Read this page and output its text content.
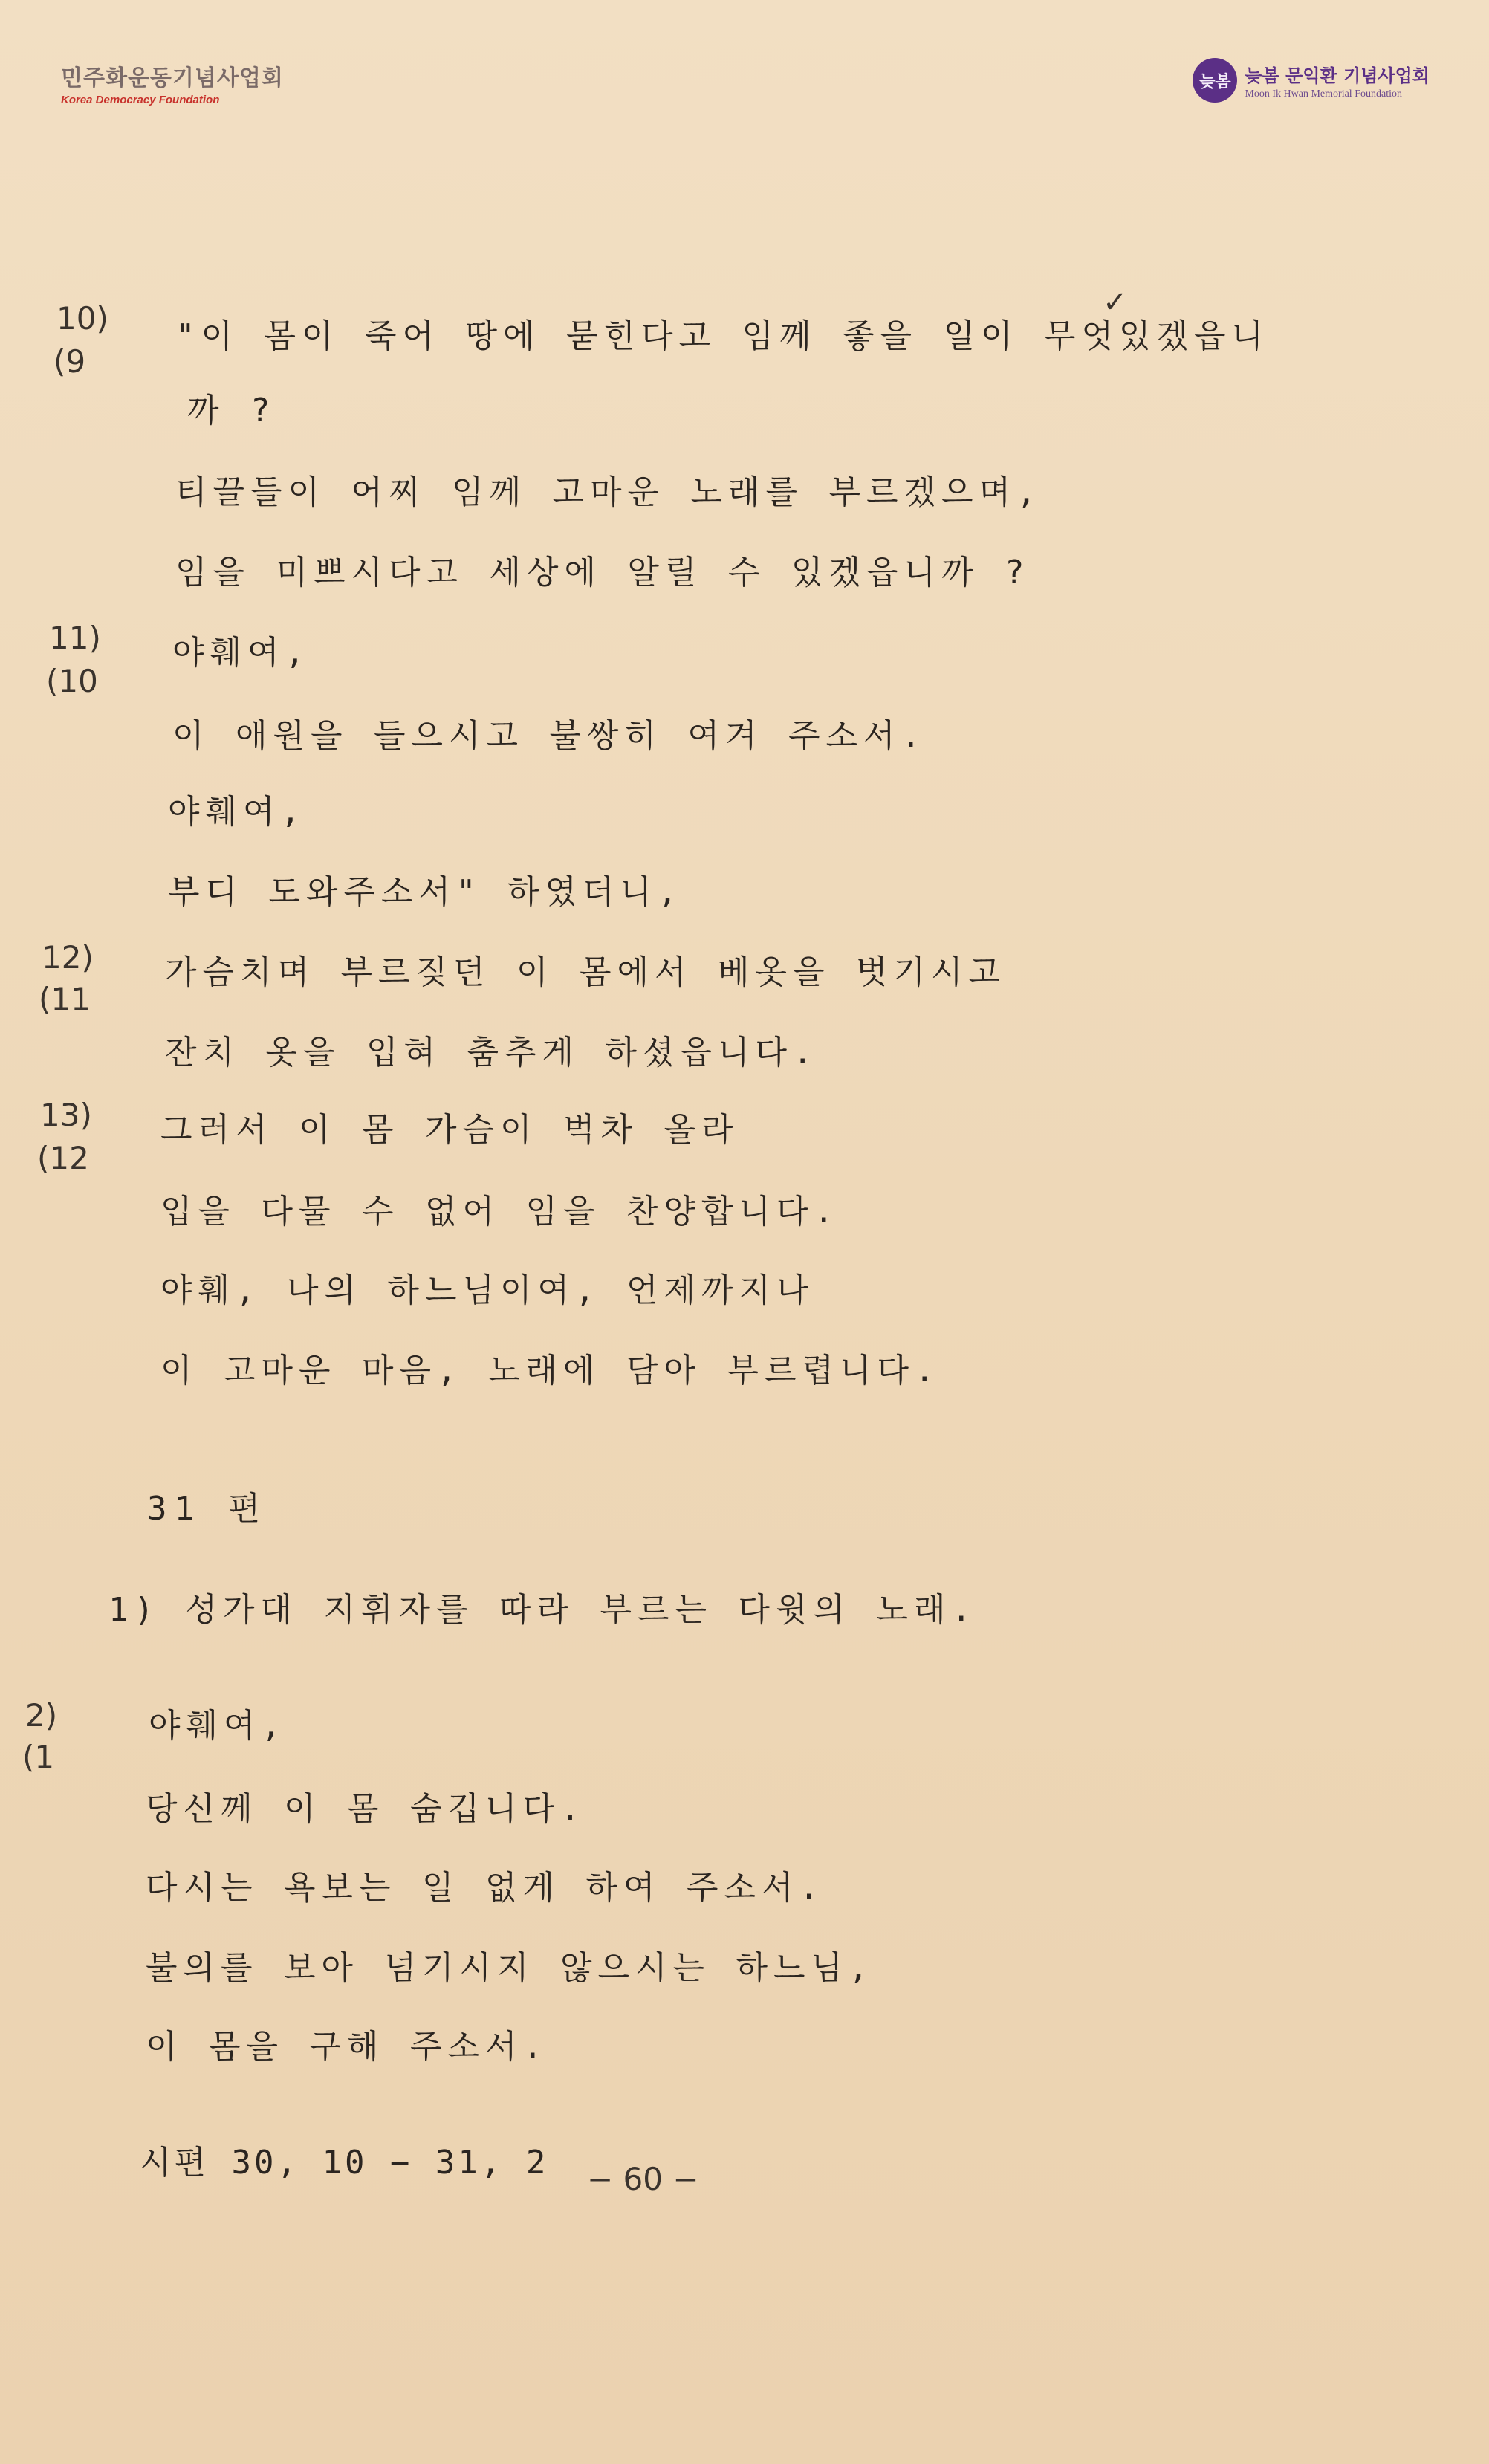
민주화운동기념사업회
Korea Democracy Foundation
늦봄 늦봄 문익환 기념사업회
Moon Ik Hwan Memorial Foundation
10)
(9
✓
"이 몸이 죽어 땅에 묻힌다고 임께 좋을 일이 무엇있겠읍니
까 ?
티끌들이 어찌 임께 고마운 노래를 부르겠으며,
임을 미쁘시다고 세상에 알릴 수 있겠읍니까 ?
11)
(10
야훼여,
이 애원을 들으시고 불쌍히 여겨 주소서.
야훼여,
부디 도와주소서" 하였더니,
12)
(11
가슴치며 부르짖던 이 몸에서 베옷을 벗기시고
잔치 옷을 입혀 춤추게 하셨읍니다.
13)
(12
그러서 이 몸 가슴이 벅차 올라
입을 다물 수 없어 임을 찬양합니다.
야훼, 나의 하느님이여, 언제까지나
이 고마운 마음, 노래에 담아 부르렵니다.
31 편
1) 성가대 지휘자를 따라 부르는 다윗의 노래.
2)
(1
야훼여,
당신께 이 몸 숨깁니다.
다시는 욕보는 일 없게 하여 주소서.
불의를 보아 넘기시지 않으시는 하느님,
이 몸을 구해 주소서.
시편 30, 10 − 31, 2 − 60 −
